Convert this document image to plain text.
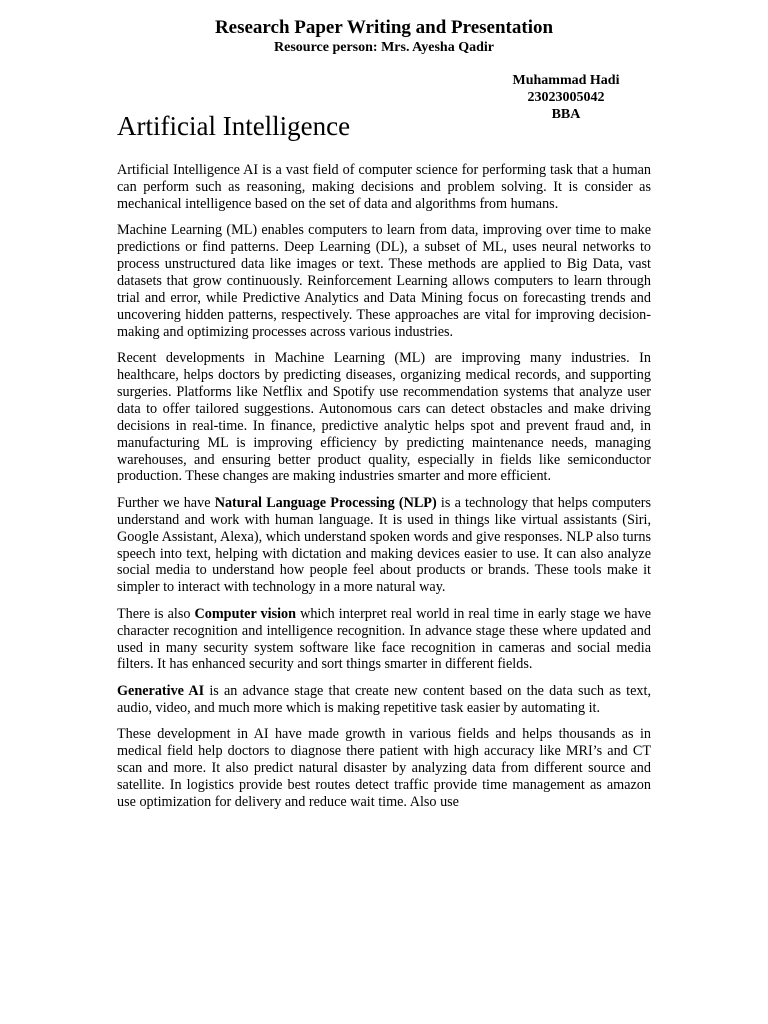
Research Paper Writing and Presentation
Resource person: Mrs. Ayesha Qadir
Muhammad Hadi
23023005042
BBA
Artificial Intelligence

Artificial Intelligence AI is a vast field of computer science for performing task that a human can perform such as reasoning, making decisions and problem solving. It is consider as mechanical intelligence based on the set of data and algorithms from humans.

Machine Learning (ML) enables computers to learn from data, improving over time to make predictions or find patterns. Deep Learning (DL), a subset of ML, uses neural networks to process unstructured data like images or text. These methods are applied to Big Data, vast datasets that grow continuously. Reinforcement Learning allows computers to learn through trial and error, while Predictive Analytics and Data Mining focus on forecasting trends and uncovering hidden patterns, respectively. These approaches are vital for improving decision-making and optimizing processes across various industries.

Recent developments in Machine Learning (ML) are improving many industries. In healthcare, helps doctors by predicting diseases, organizing medical records, and supporting surgeries. Platforms like Netflix and Spotify use recommendation systems that analyze user data to offer tailored suggestions. Autonomous cars can detect obstacles and make driving decisions in real-time. In finance, predictive analytic helps spot and prevent fraud and, in manufacturing ML is improving efficiency by predicting maintenance needs, managing warehouses, and ensuring better product quality, especially in fields like semiconductor production. These changes are making industries smarter and more efficient.

Further we have Natural Language Processing (NLP) is a technology that helps computers understand and work with human language. It is used in things like virtual assistants (Siri, Google Assistant, Alexa), which understand spoken words and give responses. NLP also turns speech into text, helping with dictation and making devices easier to use. It can also analyze social media to understand how people feel about products or brands. These tools make it simpler to interact with technology in a more natural way.

There is also Computer vision which interpret real world in real time in early stage we have character recognition and intelligence recognition. In advance stage these where updated and used in many security system software like face recognition in cameras and social media filters. It has enhanced security and sort things smarter in different fields.

Generative AI is an advance stage that create new content based on the data such as text, audio, video, and much more which is making repetitive task easier by automating it.

These development in AI have made growth in various fields and helps thousands as in medical field help doctors to diagnose there patient with high accuracy like MRI’s and CT scan and more. It also predict natural disaster by analyzing data from different source and satellite. In logistics provide best routes detect traffic provide time management as amazon use optimization for delivery and reduce wait time. Also use
